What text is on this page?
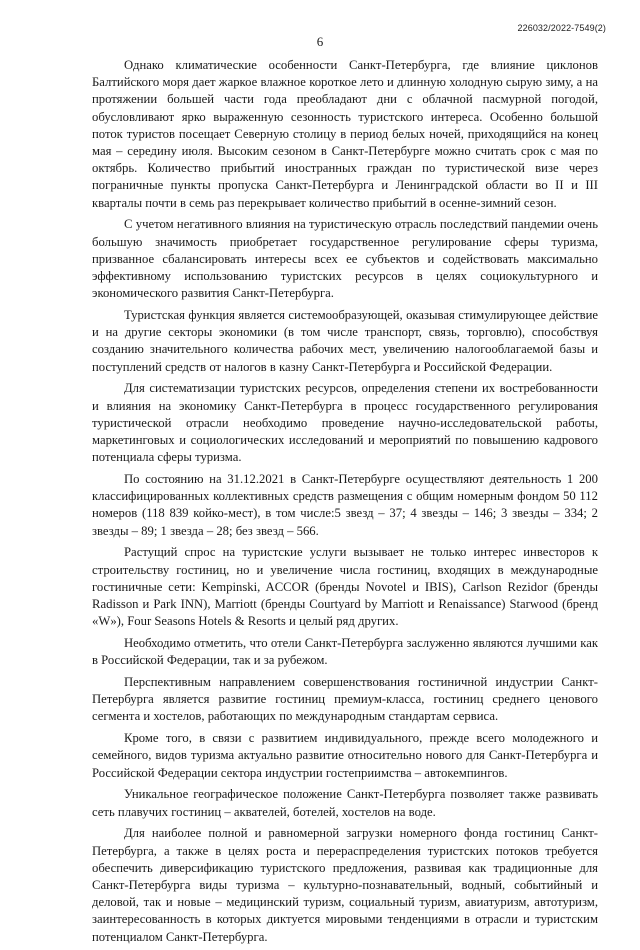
226032/2022-7549(2)
6

Однако климатические особенности Санкт-Петербурга, где влияние циклонов Балтийского моря дает жаркое влажное короткое лето и длинную холодную сырую зиму, а на протяжении большей части года преобладают дни с облачной пасмурной погодой, обусловливают ярко выраженную сезонность туристского интереса. Особенно большой поток туристов посещает Северную столицу в период белых ночей, приходящийся на конец мая – середину июля. Высоким сезоном в Санкт-Петербурге можно считать срок с мая по октябрь. Количество прибытий иностранных граждан по туристической визе через пограничные пункты пропуска Санкт-Петербурга и Ленинградской области во II и III кварталы почти в семь раз перекрывает количество прибытий в осенне-зимний сезон.

С учетом негативного влияния на туристическую отрасль последствий пандемии очень большую значимость приобретает государственное регулирование сферы туризма, призванное сбалансировать интересы всех ее субъектов и содействовать максимально эффективному использованию туристских ресурсов в целях социокультурного и экономического развития Санкт-Петербурга.

Туристская функция является системообразующей, оказывая стимулирующее действие и на другие секторы экономики (в том числе транспорт, связь, торговлю), способствуя созданию значительного количества рабочих мест, увеличению налогооблагаемой базы и поступлений средств от налогов в казну Санкт-Петербурга и Российской Федерации.

Для систематизации туристских ресурсов, определения степени их востребованности и влияния на экономику Санкт-Петербурга в процесс государственного регулирования туристической отрасли необходимо проведение научно-исследовательской работы, маркетинговых и социологических исследований и мероприятий по повышению кадрового потенциала сферы туризма.

По состоянию на 31.12.2021 в Санкт-Петербурге осуществляют деятельность 1 200 классифицированных коллективных средств размещения с общим номерным фондом 50 112 номеров (118 839 койко-мест), в том числе:5 звезд – 37; 4 звезды – 146; 3 звезды – 334; 2 звезды – 89; 1 звезда – 28; без звезд – 566.

Растущий спрос на туристские услуги вызывает не только интерес инвесторов к строительству гостиниц, но и увеличение числа гостиниц, входящих в международные гостиничные сети: Kempinski, ACCOR (бренды Novotel и IBIS), Carlson Rezidor (бренды Radisson и Park INN), Marriott (бренды Courtyard by Marriott и Renaissance) Starwood (бренд «W»), Four Seasons Hotels & Resorts и целый ряд других.

Необходимо отметить, что отели Санкт-Петербурга заслуженно являются лучшими как в Российской Федерации, так и за рубежом.

Перспективным направлением совершенствования гостиничной индустрии Санкт-Петербурга является развитие гостиниц премиум-класса, гостиниц среднего ценового сегмента и хостелов, работающих по международным стандартам сервиса.

Кроме того, в связи с развитием индивидуального, прежде всего молодежного и семейного, видов туризма актуально развитие относительно нового для Санкт-Петербурга и Российской Федерации сектора индустрии гостеприимства – автокемпингов.

Уникальное географическое положение Санкт-Петербурга позволяет также развивать сеть плавучих гостиниц – аквателей, ботелей, хостелов на воде.

Для наиболее полной и равномерной загрузки номерного фонда гостиниц Санкт-Петербурга, а также в целях роста и перераспределения туристских потоков требуется обеспечить диверсификацию туристского предложения, развивая как традиционные для Санкт-Петербурга виды туризма – культурно-познавательный, водный, событийный и деловой, так и новые – медицинский туризм, социальный туризм, авиатуризм, автотуризм, заинтересованность в которых диктуется мировыми тенденциями в отрасли и туристским потенциалом Санкт-Петербурга.
